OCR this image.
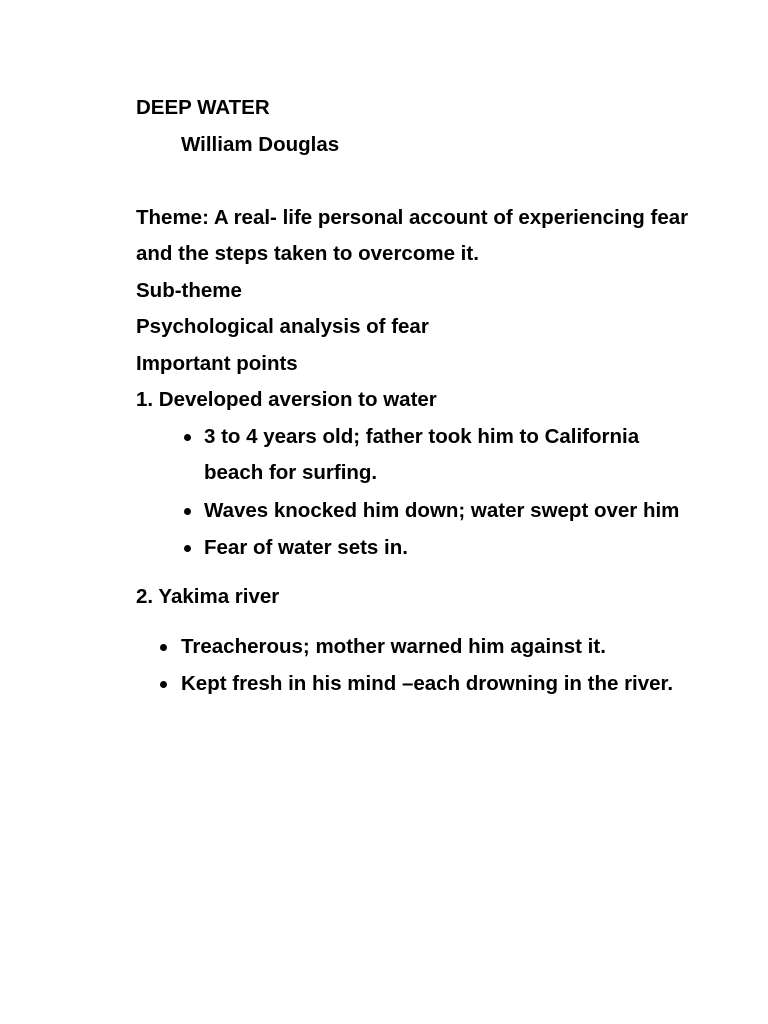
DEEP WATER
William Douglas
Theme: A real- life personal account of experiencing fear and the steps taken to overcome it.
Sub-theme
Psychological analysis of fear
Important points
1. Developed aversion to water
3 to 4 years old; father took him to California beach for surfing.
Waves knocked him down; water swept over him
Fear of water sets in.
2. Yakima river
Treacherous; mother warned him against it.
Kept fresh in his mind –each drowning in the river.
